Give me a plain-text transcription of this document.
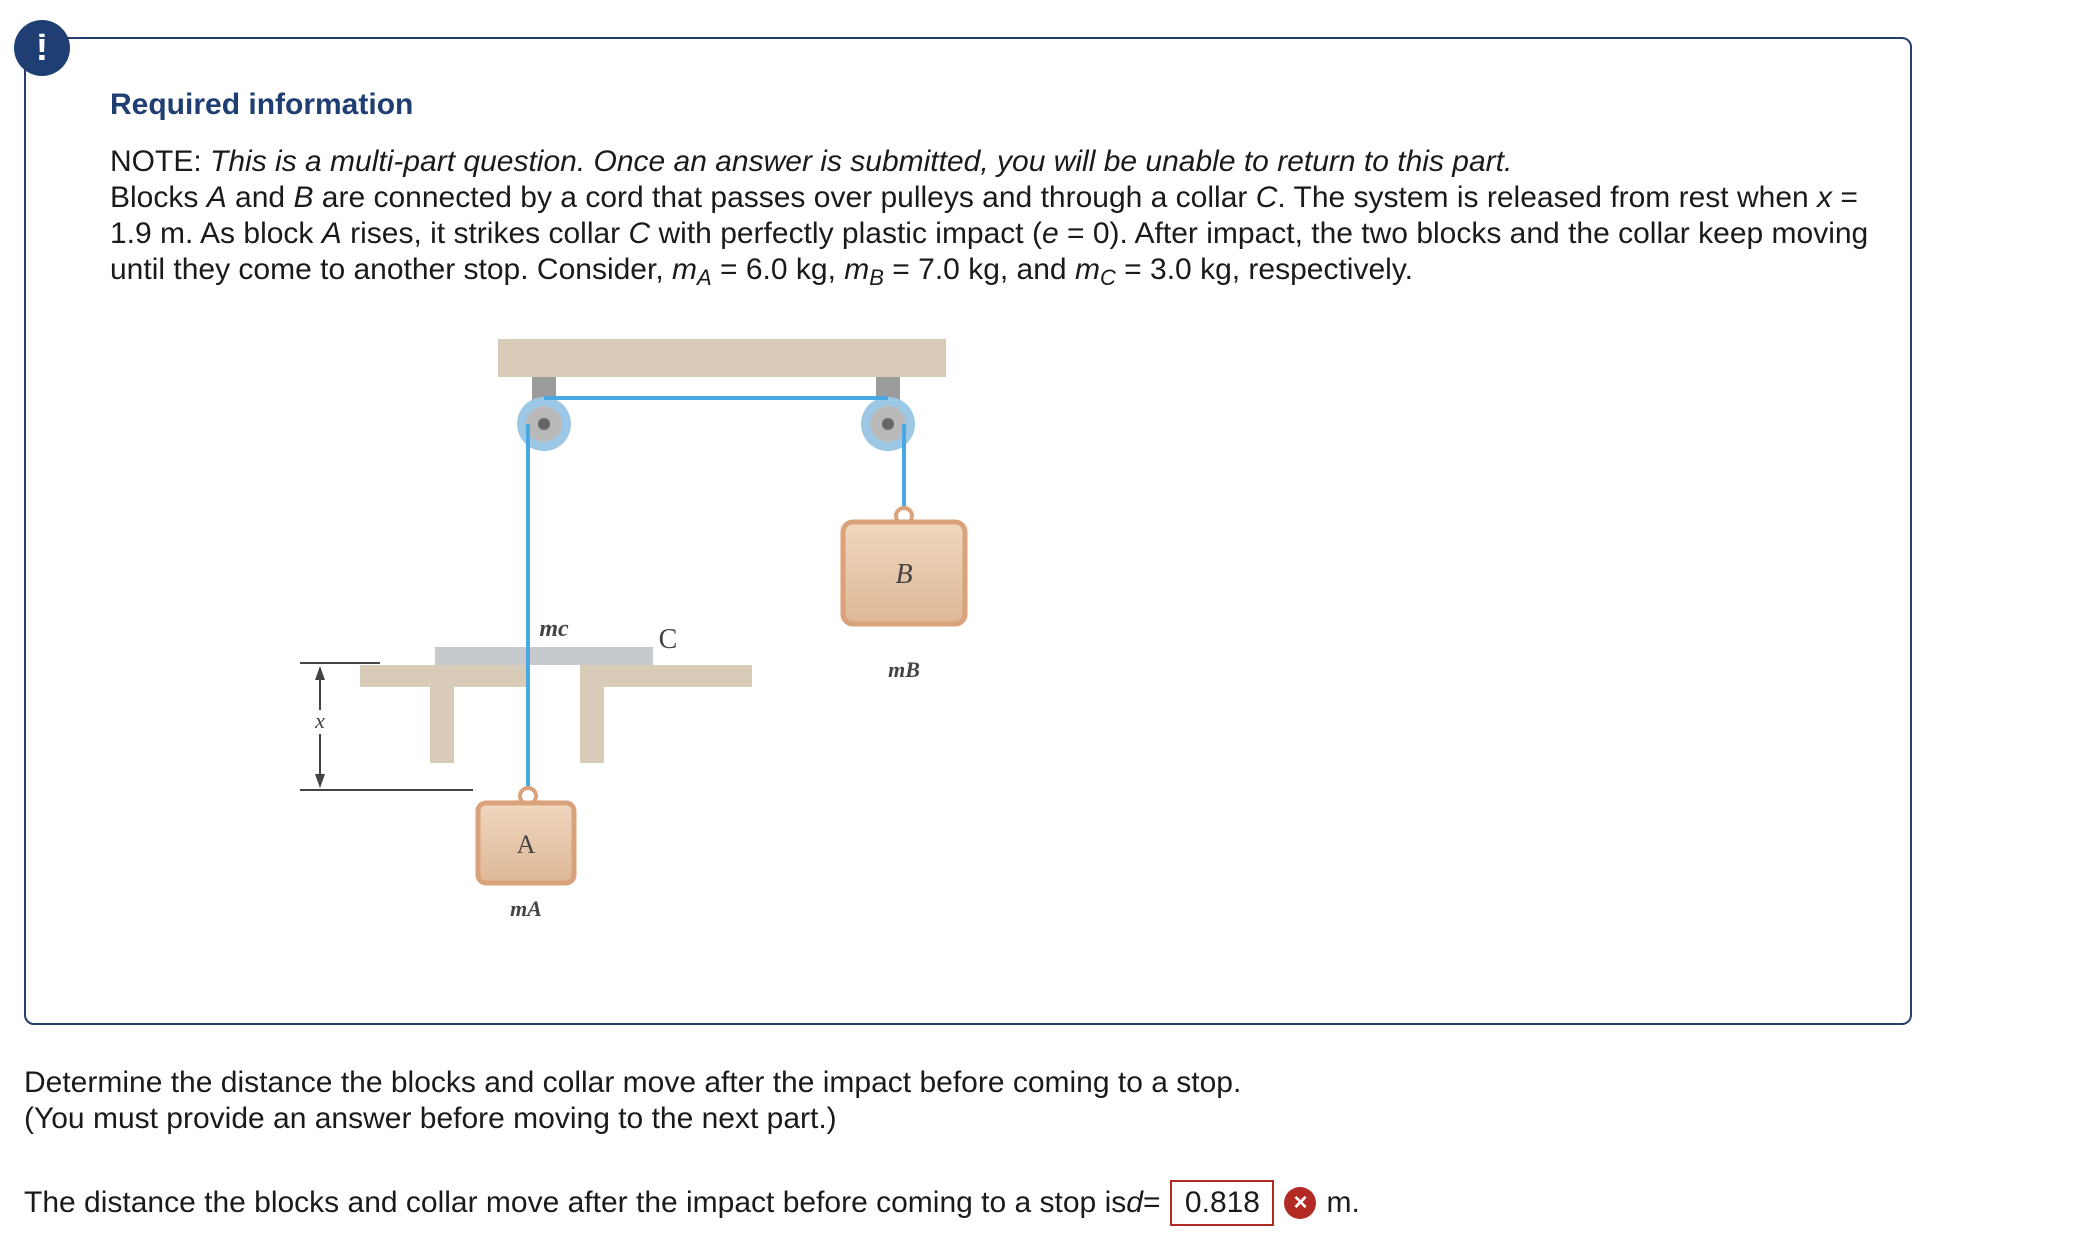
!
Required information

NOTE: This is a multi-part question. Once an answer is submitted, you will be unable to return to this part.

Blocks A and B are connected by a cord that passes over pulleys and through a collar C. The system is released from rest when x = 1.9 m. As block A rises, it strikes collar C with perfectly plastic impact (e = 0). After impact, the two blocks and the collar keep moving until they come to another stop. Consider, $m_A = 6.0$ kg, $m_B = 7.0$ kg, and $m_C = 3.0$ kg, respectively.

B
mB
mc	C
x
A
mA

Determine the distance the blocks and collar move after the impact before coming to a stop.

(You must provide an answer before moving to the next part.)

The distance the blocks and collar move after the impact before coming to a stop is d = 0.818	× m.
